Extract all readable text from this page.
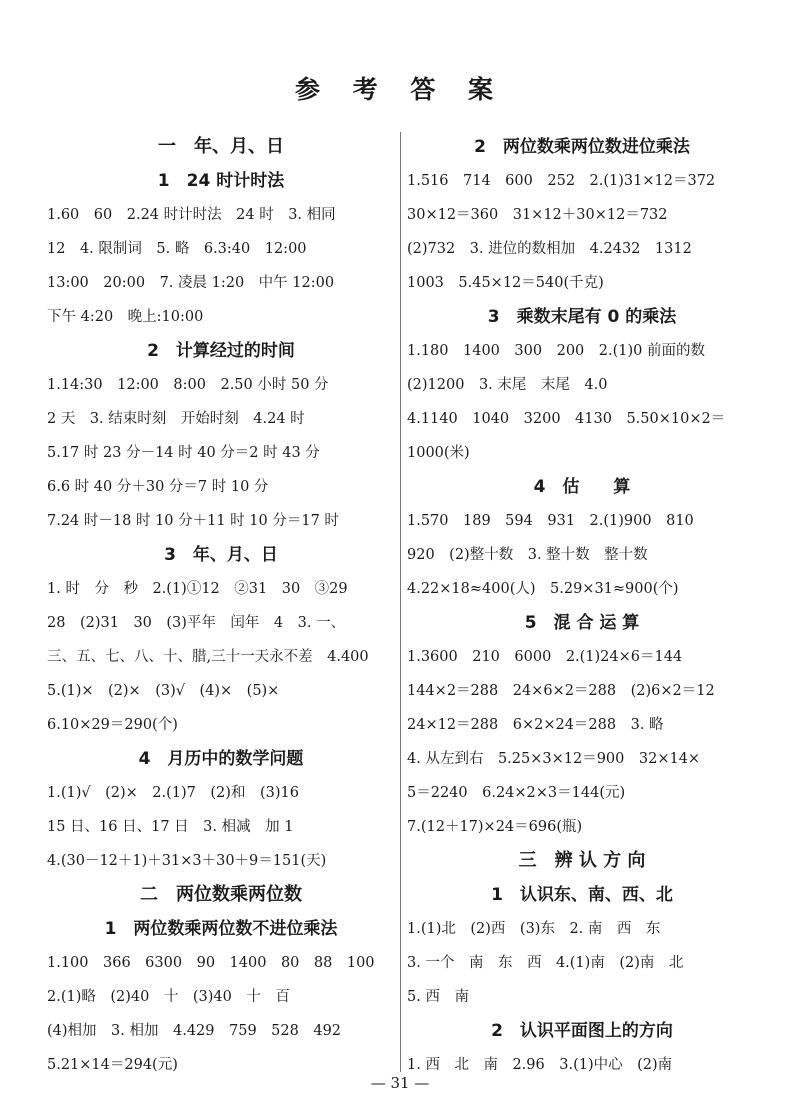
参 考 答 案
一　年、月、日
1　24 时计时法
1.60　60　2.24 时计时法　24 时　3. 相同
12　4. 限制词　5. 略　6.3:40　12:00
13:00　20:00　7. 凌晨 1:20　中午 12:00
下午 4:20　晚上:10:00
2　计算经过的时间
1.14:30　12:00　8:00　2.50 小时 50 分
2 天　3. 结束时刻　开始时刻　4.24 时
5.17 时 23 分－14 时 40 分＝2 时 43 分
6.6 时 40 分＋30 分＝7 时 10 分
7.24 时－18 时 10 分＋11 时 10 分＝17 时
3　年、月、日
1. 时　分　秒　2.(1)①12　②31　30　③29
28　(2)31　30　(3)平年　闰年　4　3. 一、
三、五、七、八、十、腊,三十一天永不差　4.400
5.(1)×　(2)×　(3)√　(4)×　(5)×
6.10×29＝290(个)
4　月历中的数学问题
1.(1)√　(2)×　2.(1)7　(2)和　(3)16
15 日、16 日、17 日　3. 相减　加 1
4.(30－12＋1)＋31×3＋30＋9＝151(天)
二　两位数乘两位数
1　两位数乘两位数不进位乘法
1.100　366　6300　90　1400　80　88　100
2.(1)略　(2)40　十　(3)40　十　百
(4)相加　3. 相加　4.429　759　528　492
5.21×14＝294(元)
2　两位数乘两位数进位乘法
1.516　714　600　252　2.(1)31×12＝372
30×12＝360　31×12＋30×12＝732
(2)732　3. 进位的数相加　4.2432　1312
1003　5.45×12＝540(千克)
3　乘数末尾有 0 的乘法
1.180　1400　300　200　2.(1)0 前面的数
(2)1200　3. 末尾　末尾　4.0
4.1140　1040　3200　4130　5.50×10×2＝
1000(米)
4　估　　算
1.570　189　594　931　2.(1)900　810
920　(2)整十数　3. 整十数　整十数
4.22×18≈400(人)　5.29×31≈900(个)
5　混 合 运 算
1.3600　210　6000　2.(1)24×6＝144
144×2＝288　24×6×2＝288　(2)6×2＝12
24×12＝288　6×2×24＝288　3. 略
4. 从左到右　5.25×3×12＝900　32×14×
5＝2240　6.24×2×3＝144(元)
7.(12＋17)×24＝696(瓶)
三　辨 认 方 向
1　认识东、南、西、北
1.(1)北　(2)西　(3)东　2. 南　西　东
3. 一个　南　东　西　4.(1)南　(2)南　北
5. 西　南
2　认识平面图上的方向
1. 西　北　南　2.96　3.(1)中心　(2)南
— 31 —
